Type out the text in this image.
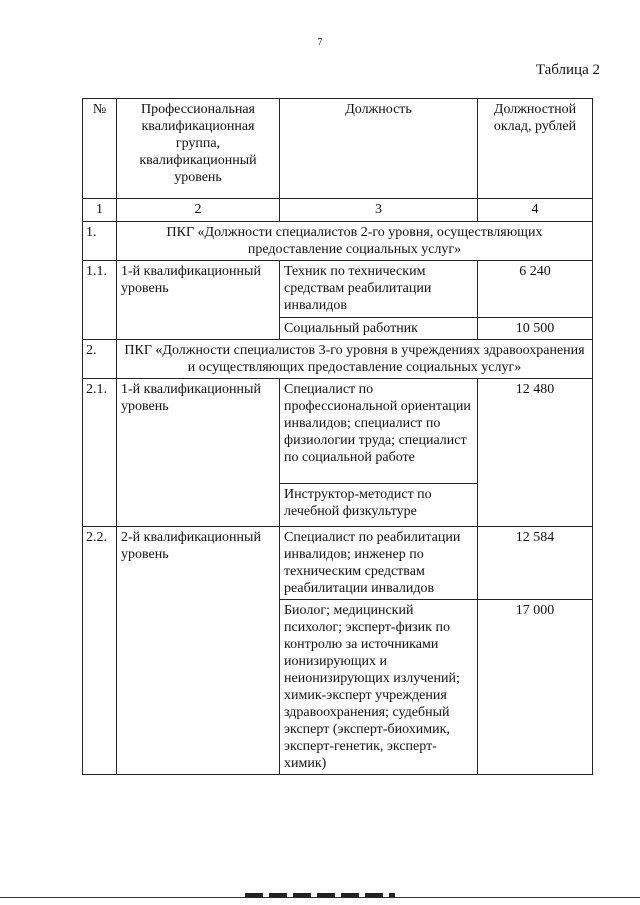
7
Таблица 2
№	Профессиональная квалификационная группа, квалификационный уровень	Должность	Должностной оклад, рублей
1	2	3	4
1.	ПКГ «Должности специалистов 2-го уровня, осуществляющих предоставление социальных услуг»		
1.1.	1-й квалификационный уровень	Техник по техническим средствам реабилитации инвалидов	6 240
		Социальный работник	10 500
2.	ПКГ «Должности специалистов 3-го уровня в учреждениях здравоохранения и осуществляющих предоставление социальных услуг»		
2.1.	1-й квалификационный уровень	Специалист по профессиональной ориентации инвалидов; специалист по физиологии труда; специалист по социальной работе	12 480
		Инструктор-методист по лечебной физкультуре	
2.2.	2-й квалификационный уровень	Специалист по реабилитации инвалидов; инженер по техническим средствам реабилитации инвалидов	12 584
		Биолог; медицинский психолог; эксперт-физик по контролю за источниками ионизирующих и неионизирующих излучений; химик-эксперт учреждения здравоохранения; судебный эксперт (эксперт-биохимик, эксперт-генетик, эксперт-химик)	17 000
